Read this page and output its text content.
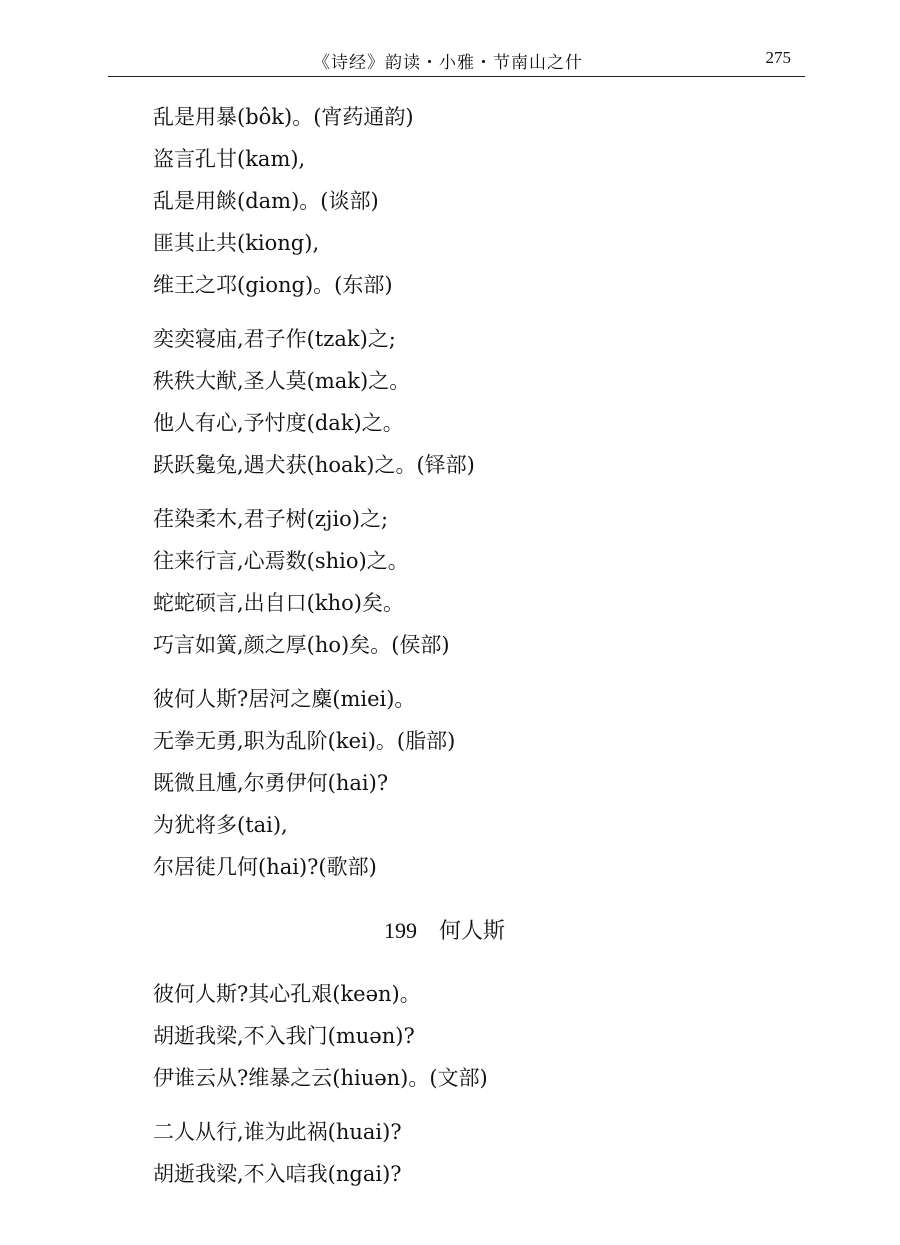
《诗经》韵读・小雅・节南山之什	275
乱是用暴(bôk)。(宵药通韵)
盗言孔甘(kam),
乱是用餤(dam)。(谈部)
匪其止共(kiong),
维王之邛(giong)。(东部)
奕奕寝庙,君子作(tzak)之;
秩秩大猷,圣人莫(mak)之。
他人有心,予忖度(dak)之。
跃跃毚兔,遇犬获(hoak)之。(铎部)
荏染柔木,君子树(zjio)之;
往来行言,心焉数(shio)之。
蛇蛇硕言,出自口(kho)矣。
巧言如簧,颜之厚(ho)矣。(侯部)
彼何人斯?居河之麋(miei)。
无拳无勇,职为乱阶(kei)。(脂部)
既微且尰,尔勇伊何(hai)?
为犹将多(tai),
尔居徒几何(hai)?(歌部)
199 何人斯
彼何人斯?其心孔艰(keən)。
胡逝我梁,不入我门(muən)?
伊谁云从?维暴之云(hiuən)。(文部)
二人从行,谁为此祸(huai)?
胡逝我梁,不入唁我(ngai)?
